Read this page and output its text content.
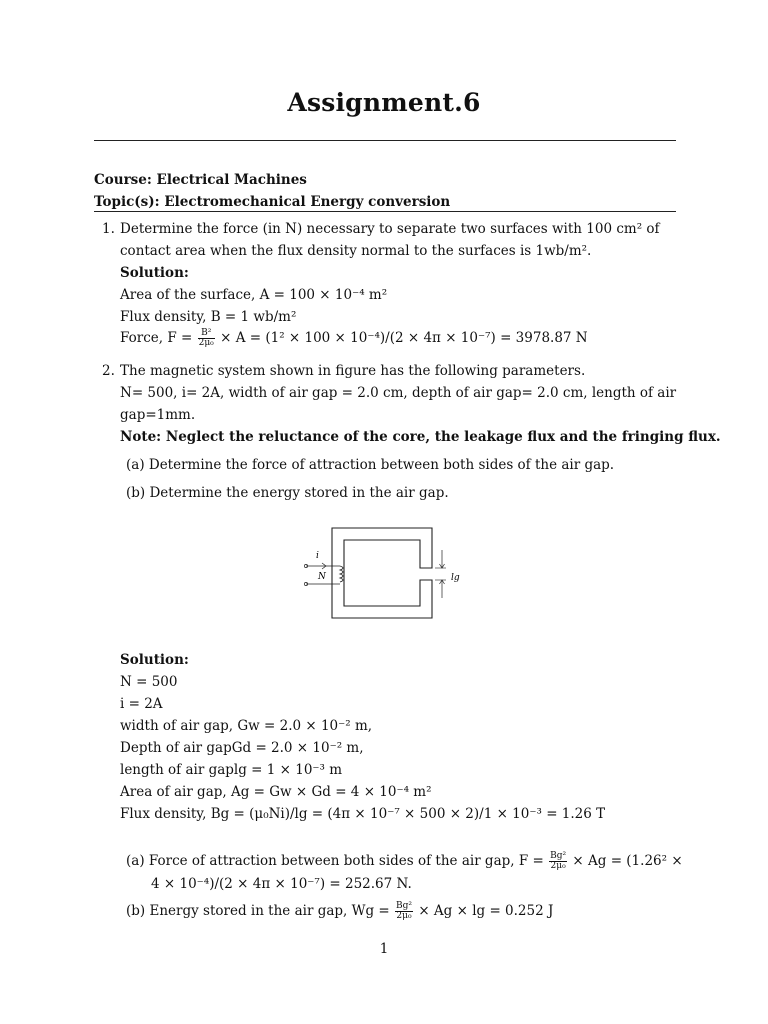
Assignment.6
Course: Electrical Machines
Topic(s): Electromechanical Energy conversion
1. Determine the force (in N) necessary to separate two surfaces with 100 cm² of
contact area when the flux density normal to the surfaces is 1wb/m².
Solution:
Area of the surface, A = 100 × 10⁻⁴ m²
Flux density, B = 1 wb/m²
Force, $F = \frac{\text{B²}}{\text{2μ₀}} \times A = (1^2 \times 100 \times 10^{-4})/(2 \times 4\pi \times 10^{-7}) = 3978.87$ N
2. The magnetic system shown in figure has the following parameters.
N= 500, i= 2A, width of air gap = 2.0 cm, depth of air gap= 2.0 cm, length of air
gap=1mm.
Note: Neglect the reluctance of the core, the leakage flux and the fringing flux.
(a) Determine the force of attraction between both sides of the air gap.
(b) Determine the energy stored in the air gap.
i
N	lg
Solution:
N = 500
i = 2A
width of air gap, Gw = 2.0 × 10⁻² m,
Depth of air gapGd = 2.0 × 10⁻² m,
length of air gaplg = 1 × 10⁻³ m
Area of air gap, Ag = Gw × Gd = 4 × 10⁻⁴ m²
Flux density, Bg = (μ₀Ni)/lg = (4π × 10⁻⁷ × 500 × 2)/1 × 10⁻³ = 1.26 T
(a) Force of attraction between both sides of the air gap, $F = \frac{\text{Bg²}}{\text{2μ₀}} \times Ag = (1.26^2$ ×
4 × 10⁻⁴)/(2 × 4π × 10⁻⁷) = 252.67 N.
(b) Energy stored in the air gap, $Wg = \frac{\text{Bg²}}{\text{2μ₀}} \times Ag \times \lg = 0.252$ J
1
